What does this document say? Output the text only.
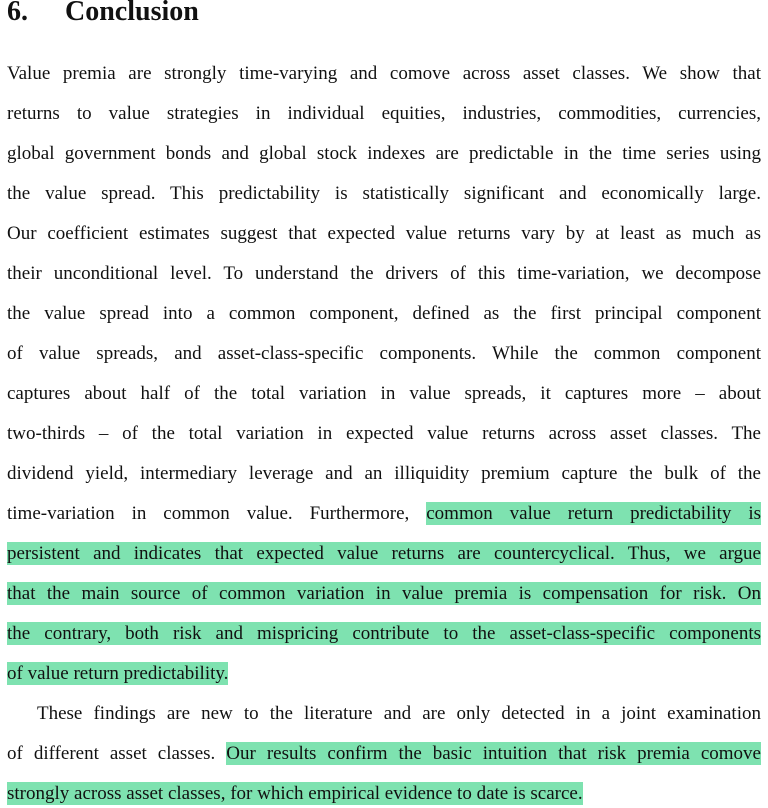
6. Conclusion

Value premia are strongly time-varying and comove across asset classes. We show that

returns to value strategies in individual equities, industries, commodities, currencies,

global government bonds and global stock indexes are predictable in the time series using

the value spread. This predictability is statistically significant and economically large.

Our coefficient estimates suggest that expected value returns vary by at least as much as

their unconditional level. To understand the drivers of this time-variation, we decompose

the value spread into a common component, defined as the first principal component

of value spreads, and asset-class-specific components. While the common component

captures about half of the total variation in value spreads, it captures more – about

two-thirds – of the total variation in expected value returns across asset classes. The

dividend yield, intermediary leverage and an illiquidity premium capture the bulk of the

time-variation in common value. Furthermore, common value return predictability is

persistent and indicates that expected value returns are countercyclical. Thus, we argue

that the main source of common variation in value premia is compensation for risk. On

the contrary, both risk and mispricing contribute to the asset-class-specific components

of value return predictability.

These findings are new to the literature and are only detected in a joint examination

of different asset classes. Our results confirm the basic intuition that risk premia comove

strongly across asset classes, for which empirical evidence to date is scarce.
